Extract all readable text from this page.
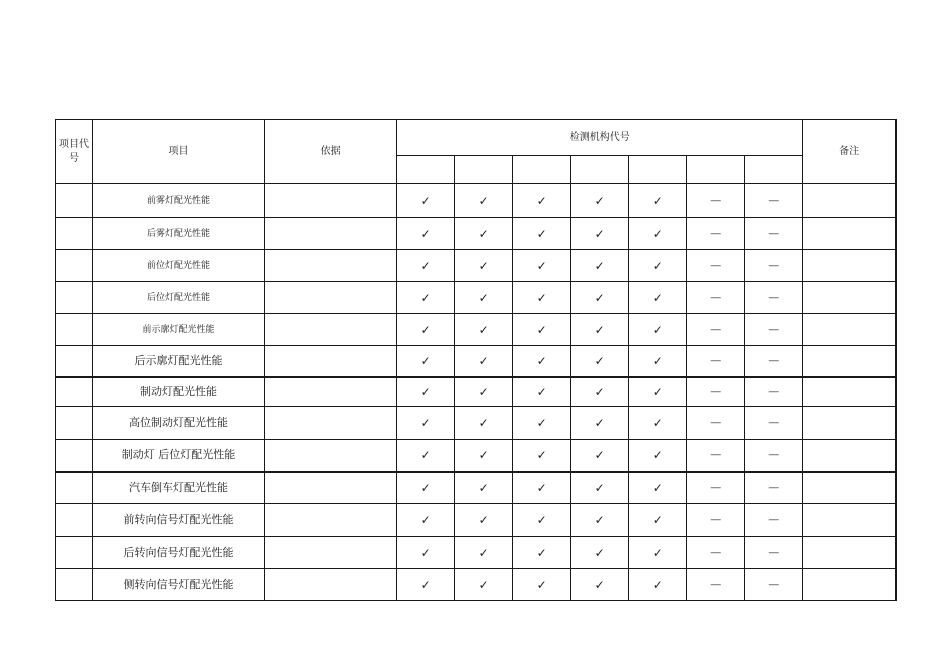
项目代号	项目	依据	检测机构代号							备注

	前雾灯配光性能		✓	✓	✓	✓	✓	—	—	
	后雾灯配光性能		✓	✓	✓	✓	✓	—	—	
	前位灯配光性能		✓	✓	✓	✓	✓	—	—	
	后位灯配光性能		✓	✓	✓	✓	✓	—	—	
	前示廓灯配光性能		✓	✓	✓	✓	✓	—	—	
	后示廓灯配光性能		✓	✓	✓	✓	✓	—	—	
	制动灯配光性能		✓	✓	✓	✓	✓	—	—	
	高位制动灯配光性能		✓	✓	✓	✓	✓	—	—	
	制动灯 后位灯配光性能		✓	✓	✓	✓	✓	—	—	
	汽车倒车灯配光性能		✓	✓	✓	✓	✓	—	—	
	前转向信号灯配光性能		✓	✓	✓	✓	✓	—	—	
	后转向信号灯配光性能		✓	✓	✓	✓	✓	—	—	
	侧转向信号灯配光性能		✓	✓	✓	✓	✓	—	—	
